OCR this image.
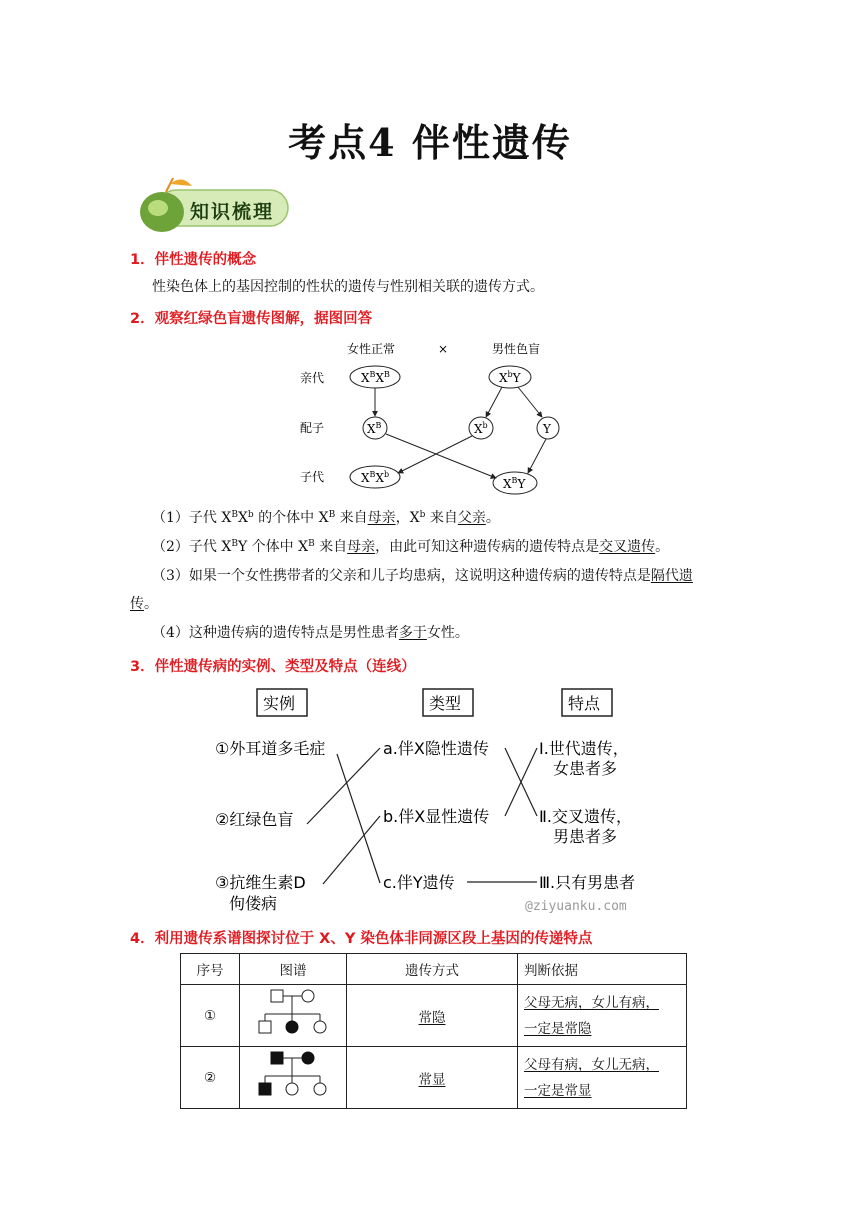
考点4 伴性遗传
知识梳理
1．伴性遗传的概念
性染色体上的基因控制的性状的遗传与性别相关联的遗传方式。
2．观察红绿色盲遗传图解，据图回答
女性正常	×	男性色盲
亲代
配子
子代
$X^BX^B$	$X^bY$
$X^B$	$X^b$	Y
$X^BX^b$
$X^BY$
（1）子代 $X^BX^b$ 的个体中 $X^B$ 来自母亲，$X^b$ 来自父亲。
（2）子代 $X^BY$ 个体中 $X^B$ 来自母亲，由此可知这种遗传病的遗传特点是交叉遗传。
（3）如果一个女性携带者的父亲和儿子均患病，这说明这种遗传病的遗传特点是隔代遗
传。
（4）这种遗传病的遗传特点是男性患者多于女性。
3．伴性遗传病的实例、类型及特点（连线）
实例	类型	特点
①外耳道多毛症
②红绿色盲
③抗维生素D
佝偻病
a.伴X隐性遗传
b.伴X显性遗传
c.伴Y遗传
Ⅰ.世代遗传，
女患者多
Ⅱ.交叉遗传，
男患者多
Ⅲ.只有男患者
@ziyuanku.com
4．利用遗传系谱图探讨位于 X、Y 染色体非同源区段上基因的传递特点
序号	图谱	遗传方式	判断依据
①		常隐	父母无病，女儿有病，
一定是常隐
②		常显	父母有病，女儿无病，
一定是常显
